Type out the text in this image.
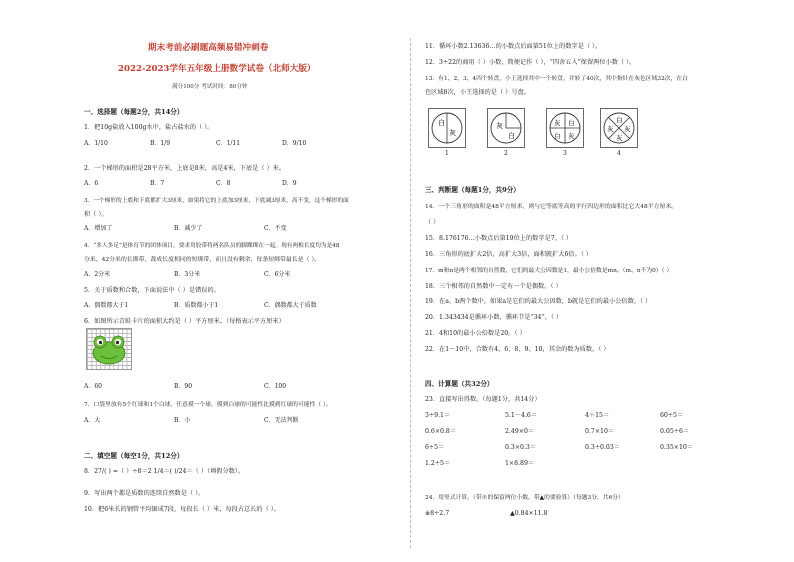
期末考前必刷题高频易错冲刺卷
2022-2023学年五年级上册数学试卷（北师大版）
满分100分 考试时间：80分钟
一、选择题（每题2分，共14分）
1．把10g盐放入100g水中，盐占盐水的（ ）。
A．1/10	B．1/9	C．1/11	D．9/10
2．一个梯形的面积是28平方米，上底是8米，高是4米，下底是（ ）米。
A．6	B．7	C．8	D．9
3．一个梯形的上底和下底都扩大3厘米，如果将它的上底加3厘米，下底减3厘米，高不变，这个梯形的面
积（ ）。
A．增加了	B．减少了	C．不变
4．“多人多足”是体育节的团体项目，要求用胶带将两名队员的脚踝绑在一起。现有两根长度均为是48
分米、42分米的长绑带，裁成长度相同的短绑带，而且没有剩余，每条短绑带最长是（ ）。
A．2分米	B．3分米	C．6分米
5．关于质数和合数，下面说法中（ ）是错误的。
A．偶数都大于1	B．质数都小于1	C．偶数都大于质数
6．如图所示青蛙卡片的面积大约是（ ）平方厘米。（每格表示平方厘米）
A．60	B．90	C．100
7．口袋里放有5个红球和1个白球，任意摸一个球，摸到白球的可能性比摸到红球的可能性（ ）。
A．大	B．小	C．无法判断
二、填空题（每空1分，共12分）
8．27/( ) =（ ）÷8＝2 1/4＝( )/24＝（ ）（填假分数）。
9．写出两个都是质数的连续自然数是（ ）。
10．把6米长的钢管平均锯成7段，每段长（ ）米，每段占总长的（ ）。
11．循环小数2.13636…的小数点后面第51位上的数字是（ ）。
12．3÷22的商用（ ）小数，简便记作（ ），“四舍五入”保留两位小数（ ）。
13．有1、2、3、4四个转盘，小王选择其中一个转盘，并转了40次，其中指针在灰色区域32次，在白
色区域8次，小王选择的是（ ）号盘。
白
灰
灰
白
灰 白
白 灰
白
灰 灰
灰
1	2	3	4
三、判断题（每题1分，共9分）
14．一个三角形的面积是48平方厘米，则与它等底等高的平行四边形的面积比它大48平方厘米。
（ ）
15．8.176176…小数点后第19位上的数字是7。（ ）
16．三角形的底扩大2倍，高扩大3倍，面积就扩大6倍。（ ）
17．m和n是两个相邻的自然数，它们的最大公因数是1，最小公倍数是mn。（m、n不为0）（ ）
18．三个相邻的自然数中一定有一个是偶数。（ ）
19．在a、b两个数中，如果a是它们的最大公因数，b就是它们的最小公倍数。（ ）
20．1.343434是循环小数，循环节是“34”。（ ）
21．4和10的最小公倍数是20。（ ）
22．在1～10中，合数有4、6、8、9、10，其余的数为质数。（ ）
四、计算题（共32分）
23．直接写出得数。（每题1分，共14分）
3÷9.1＝	5.1－4.6＝	4＋15＝	60÷5＝
0.6×0.8＝	2.49×0＝	0.7×10＝	0.05÷6＝
6÷5＝	0.3×0.3＝	0.3÷0.03＝	0.35×10＝
1.2÷5＝	1×8.89＝
24．用竖式计算。（带※的保留两位小数，带▲的要验算）（每题3分，共6分）
※8÷2.7	▲0.84×11.8
